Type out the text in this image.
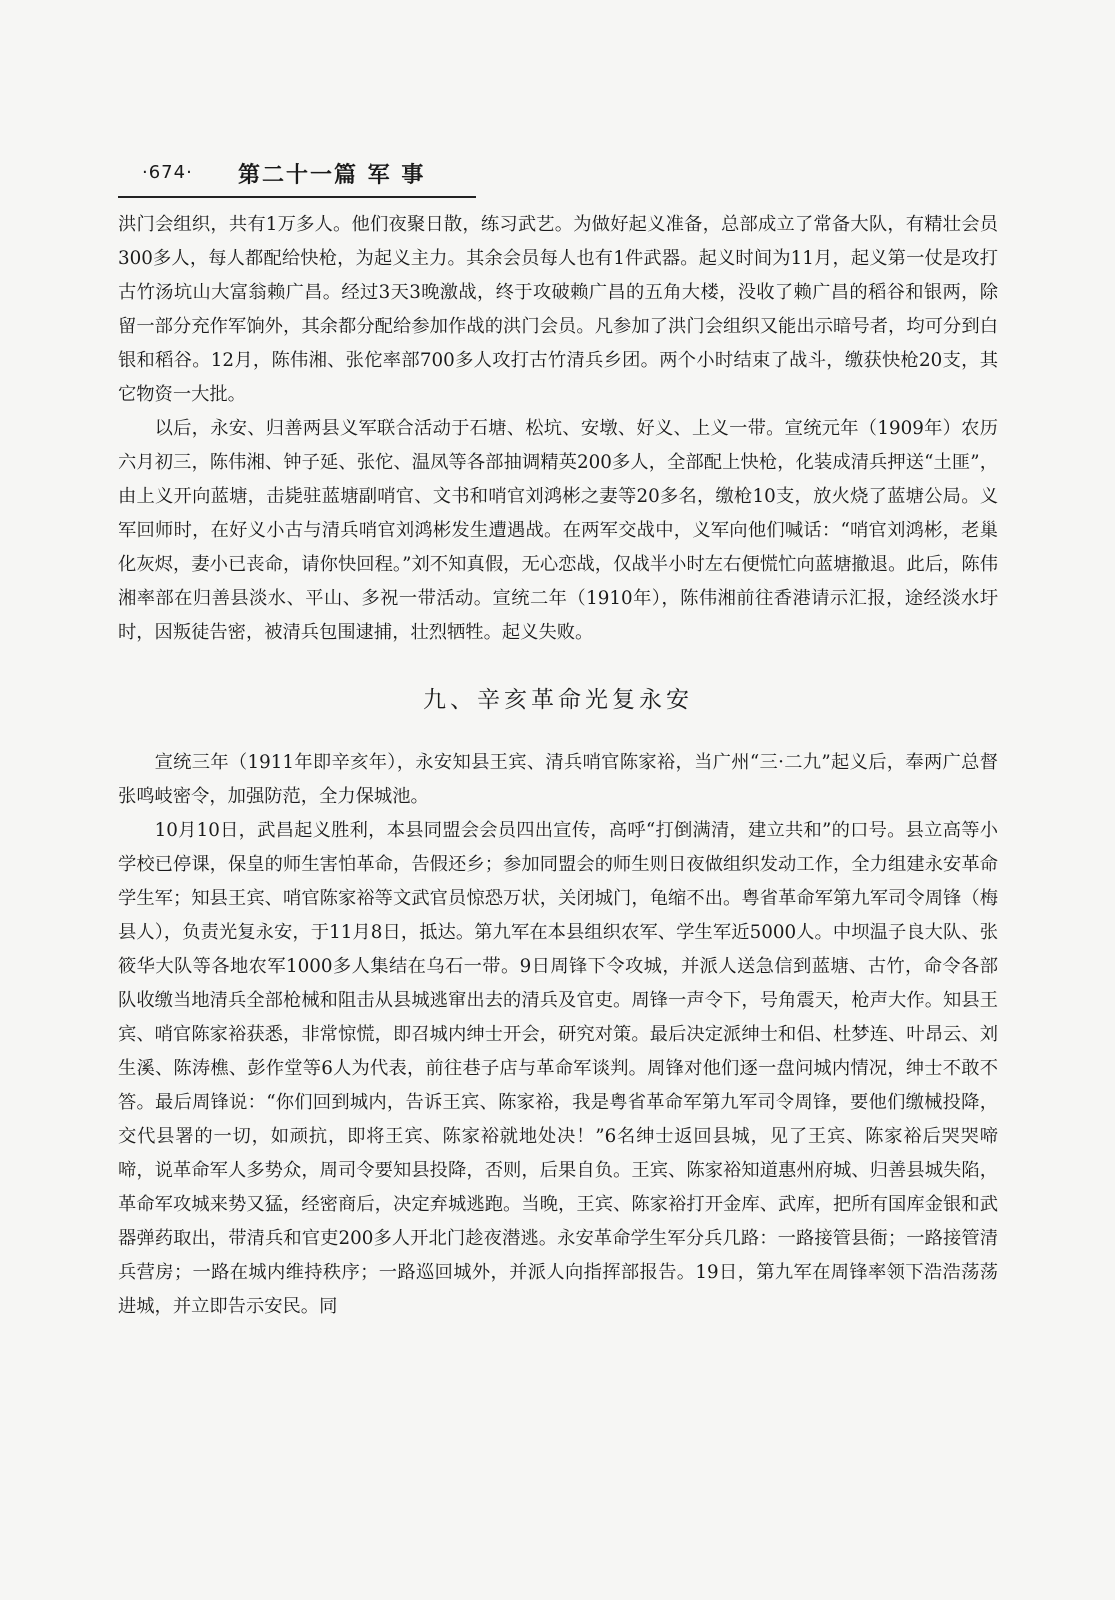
·674· 第二十一篇 军 事

洪门会组织，共有1万多人。他们夜聚日散，练习武艺。为做好起义准备，总部成立了常备大队，有精壮会员300多人，每人都配给快枪，为起义主力。其余会员每人也有1件武器。起义时间为11月，起义第一仗是攻打古竹汤坑山大富翁赖广昌。经过3天3晚激战，终于攻破赖广昌的五角大楼，没收了赖广昌的稻谷和银两，除留一部分充作军饷外，其余都分配给参加作战的洪门会员。凡参加了洪门会组织又能出示暗号者，均可分到白银和稻谷。12月，陈伟湘、张佗率部700多人攻打古竹清兵乡团。两个小时结束了战斗，缴获快枪20支，其它物资一大批。

以后，永安、归善两县义军联合活动于石塘、松坑、安墩、好义、上义一带。宣统元年（1909年）农历六月初三，陈伟湘、钟子延、张佗、温凤等各部抽调精英200多人，全部配上快枪，化装成清兵押送“土匪”，由上义开向蓝塘，击毙驻蓝塘副哨官、文书和哨官刘鸿彬之妻等20多名，缴枪10支，放火烧了蓝塘公局。义军回师时，在好义小古与清兵哨官刘鸿彬发生遭遇战。在两军交战中，义军向他们喊话：“哨官刘鸿彬，老巢化灰烬，妻小已丧命，请你快回程。”刘不知真假，无心恋战，仅战半小时左右便慌忙向蓝塘撤退。此后，陈伟湘率部在归善县淡水、平山、多祝一带活动。宣统二年（1910年），陈伟湘前往香港请示汇报，途经淡水圩时，因叛徒告密，被清兵包围逮捕，壮烈牺牲。起义失败。

九、辛亥革命光复永安

宣统三年（1911年即辛亥年），永安知县王宾、清兵哨官陈家裕，当广州“三·二九”起义后，奉两广总督张鸣岐密令，加强防范，全力保城池。

10月10日，武昌起义胜利，本县同盟会会员四出宣传，高呼“打倒满清，建立共和”的口号。县立高等小学校已停课，保皇的师生害怕革命，告假还乡；参加同盟会的师生则日夜做组织发动工作，全力组建永安革命学生军；知县王宾、哨官陈家裕等文武官员惊恐万状，关闭城门，龟缩不出。粤省革命军第九军司令周锋（梅县人），负责光复永安，于11月8日，抵达。第九军在本县组织农军、学生军近5000人。中坝温子良大队、张筱华大队等各地农军1000多人集结在乌石一带。9日周锋下令攻城，并派人送急信到蓝塘、古竹，命令各部队收缴当地清兵全部枪械和阻击从县城逃窜出去的清兵及官吏。周锋一声令下，号角震天，枪声大作。知县王宾、哨官陈家裕获悉，非常惊慌，即召城内绅士开会，研究对策。最后决定派绅士和侣、杜梦连、叶昂云、刘生溪、陈涛樵、彭作堂等6人为代表，前往巷子店与革命军谈判。周锋对他们逐一盘问城内情况，绅士不敢不答。最后周锋说：“你们回到城内，告诉王宾、陈家裕，我是粤省革命军第九军司令周锋，要他们缴械投降，交代县署的一切，如顽抗，即将王宾、陈家裕就地处决！”6名绅士返回县城，见了王宾、陈家裕后哭哭啼啼，说革命军人多势众，周司令要知县投降，否则，后果自负。王宾、陈家裕知道惠州府城、归善县城失陷，革命军攻城来势又猛，经密商后，决定弃城逃跑。当晚，王宾、陈家裕打开金库、武库，把所有国库金银和武器弹药取出，带清兵和官吏200多人开北门趁夜潜逃。永安革命学生军分兵几路：一路接管县衙；一路接管清兵营房；一路在城内维持秩序；一路巡回城外，并派人向指挥部报告。19日，第九军在周锋率领下浩浩荡荡进城，并立即告示安民。同
